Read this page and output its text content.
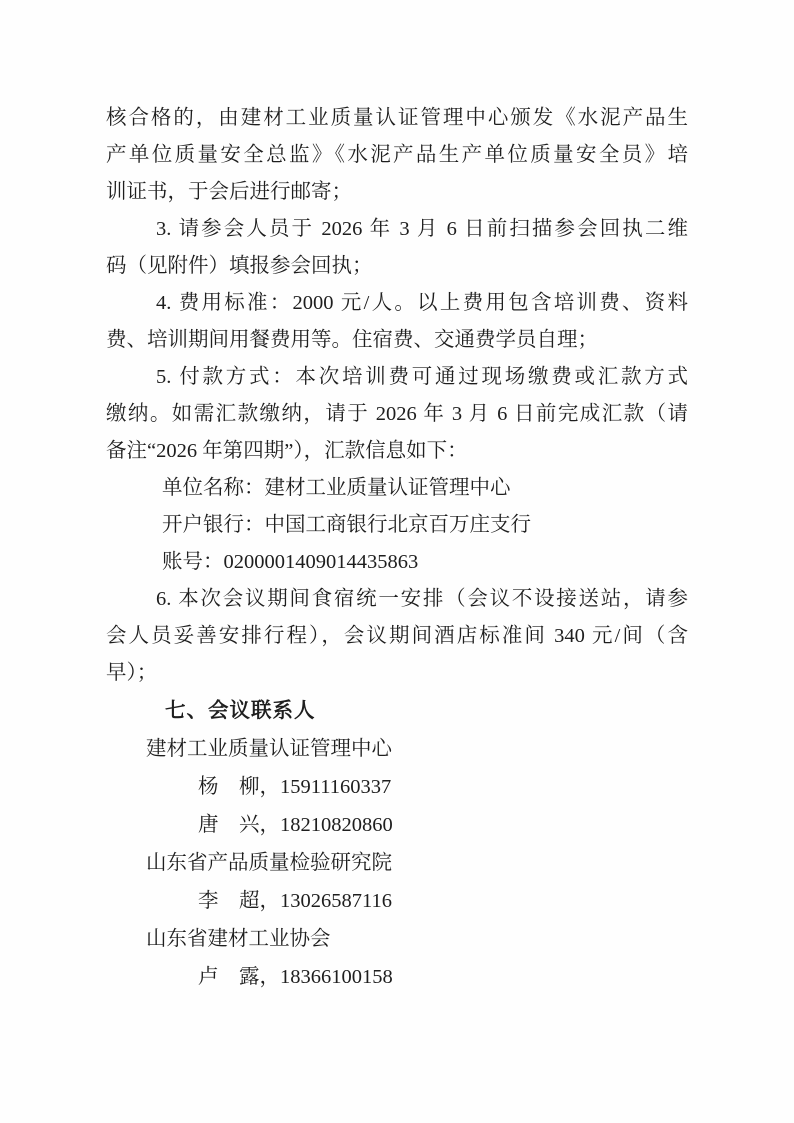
核合格的，由建材工业质量认证管理中心颁发《水泥产品生
产单位质量安全总监》《水泥产品生产单位质量安全员》培
训证书，于会后进行邮寄；
3. 请参会人员于 2026 年 3 月 6 日前扫描参会回执二维
码（见附件）填报参会回执；
4. 费用标准：2000 元/人。以上费用包含培训费、资料
费、培训期间用餐费用等。住宿费、交通费学员自理；
5. 付款方式：本次培训费可通过现场缴费或汇款方式
缴纳。如需汇款缴纳，请于 2026 年 3 月 6 日前完成汇款（请
备注“2026 年第四期”），汇款信息如下：
单位名称：建材工业质量认证管理中心
开户银行：中国工商银行北京百万庄支行
账号：0200001409014435863
6. 本次会议期间食宿统一安排（会议不设接送站，请参
会人员妥善安排行程），会议期间酒店标准间 340 元/间（含
早）；
七、会议联系人
建材工业质量认证管理中心
杨　柳，15911160337
唐　兴，18210820860
山东省产品质量检验研究院
李　超，13026587116
山东省建材工业协会
卢　露，18366100158
